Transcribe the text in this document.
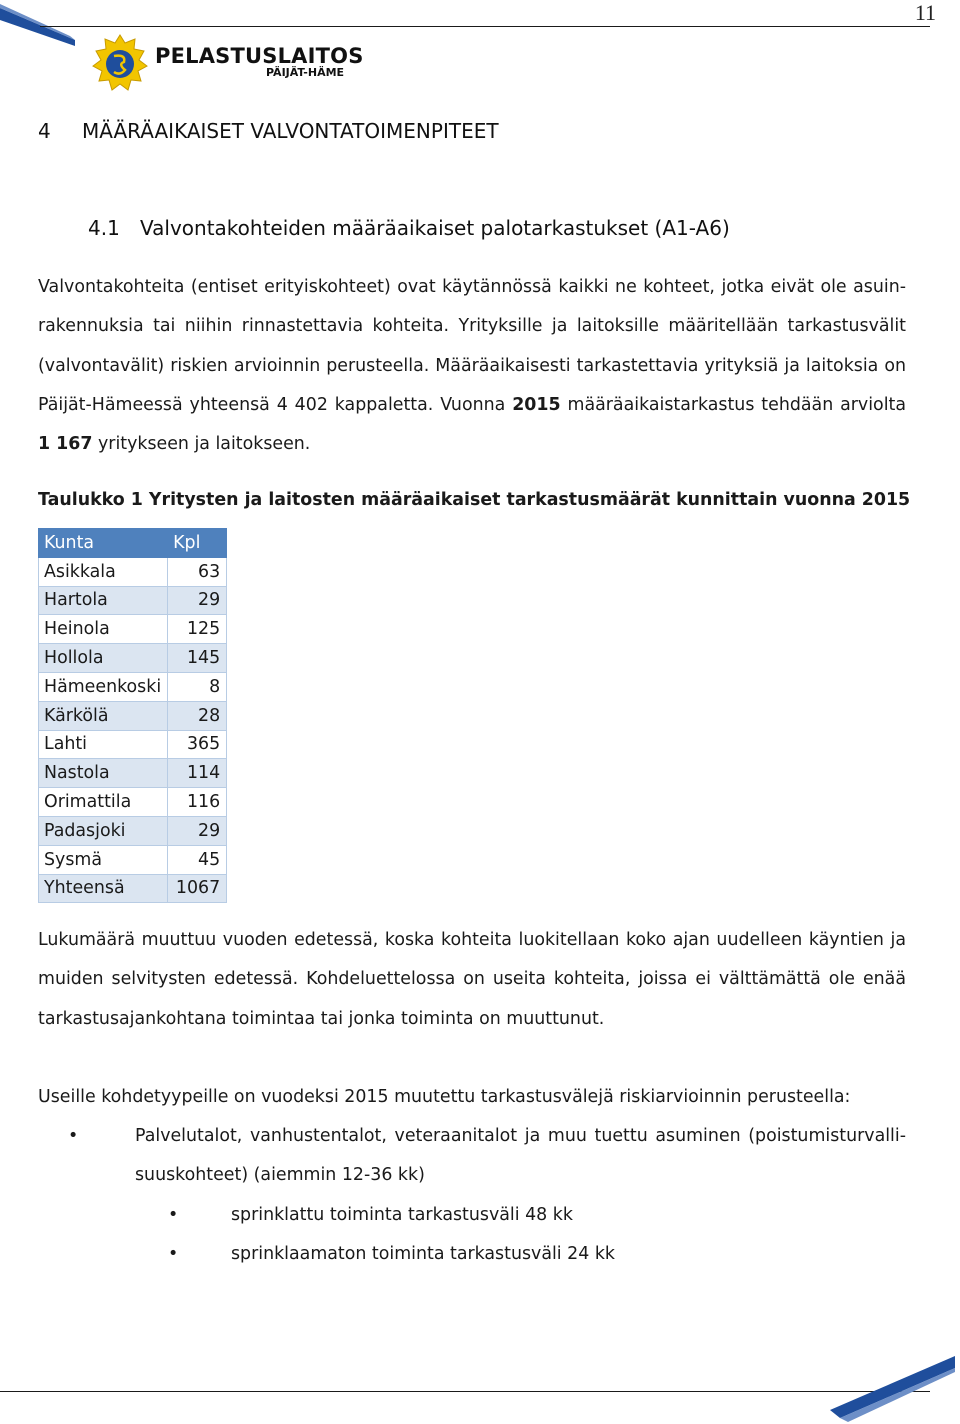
11
PELASTUSLAITOS
PÄIJÄT-HÄME
4 MÄÄRÄAIKAISET VALVONTATOIMENPITEET
4.1 Valvontakohteiden määräaikaiset palotarkastukset (A1-A6)

Valvontakohteita (entiset erityiskohteet) ovat käytännössä kaikki ne kohteet, jotka eivät ole asuin-rakennuksia tai niihin rinnastettavia kohteita. Yrityksille ja laitoksille määritellään tarkastusvälit (valvontavälit) riskien arvioinnin perusteella. Määräaikaisesti tarkastettavia yrityksiä ja laitoksia on Päijät-Hämeessä yhteensä 4 402 kappaletta. Vuonna 2015 määräaikaistarkastus tehdään arviolta 1 167 yritykseen ja laitokseen.

Taulukko 1 Yritysten ja laitosten määräaikaiset tarkastusmäärät kunnittain vuonna 2015
Kunta	Kpl
Asikkala	63
Hartola	29
Heinola	125
Hollola	145
Hämeenkoski	8
Kärkölä	28
Lahti	365
Nastola	114
Orimattila	116
Padasjoki	29
Sysmä	45
Yhteensä	1067

Lukumäärä muuttuu vuoden edetessä, koska kohteita luokitellaan koko ajan uudelleen käyntien ja muiden selvitysten edetessä. Kohdeluettelossa on useita kohteita, joissa ei välttämättä ole enää tarkastusajankohtana toimintaa tai jonka toiminta on muuttunut.

Useille kohdetyypeille on vuodeksi 2015 muutettu tarkastusvälejä riskiarvioinnin perusteella:

•	Palvelutalot, vanhustentalot, veteraanitalot ja muu tuettu asuminen (poistumisturvalli-suuskohteet) (aiemmin 12-36 kk)

•	sprinklattu toiminta tarkastusväli 48 kk

•	sprinklaamaton toiminta tarkastusväli 24 kk
